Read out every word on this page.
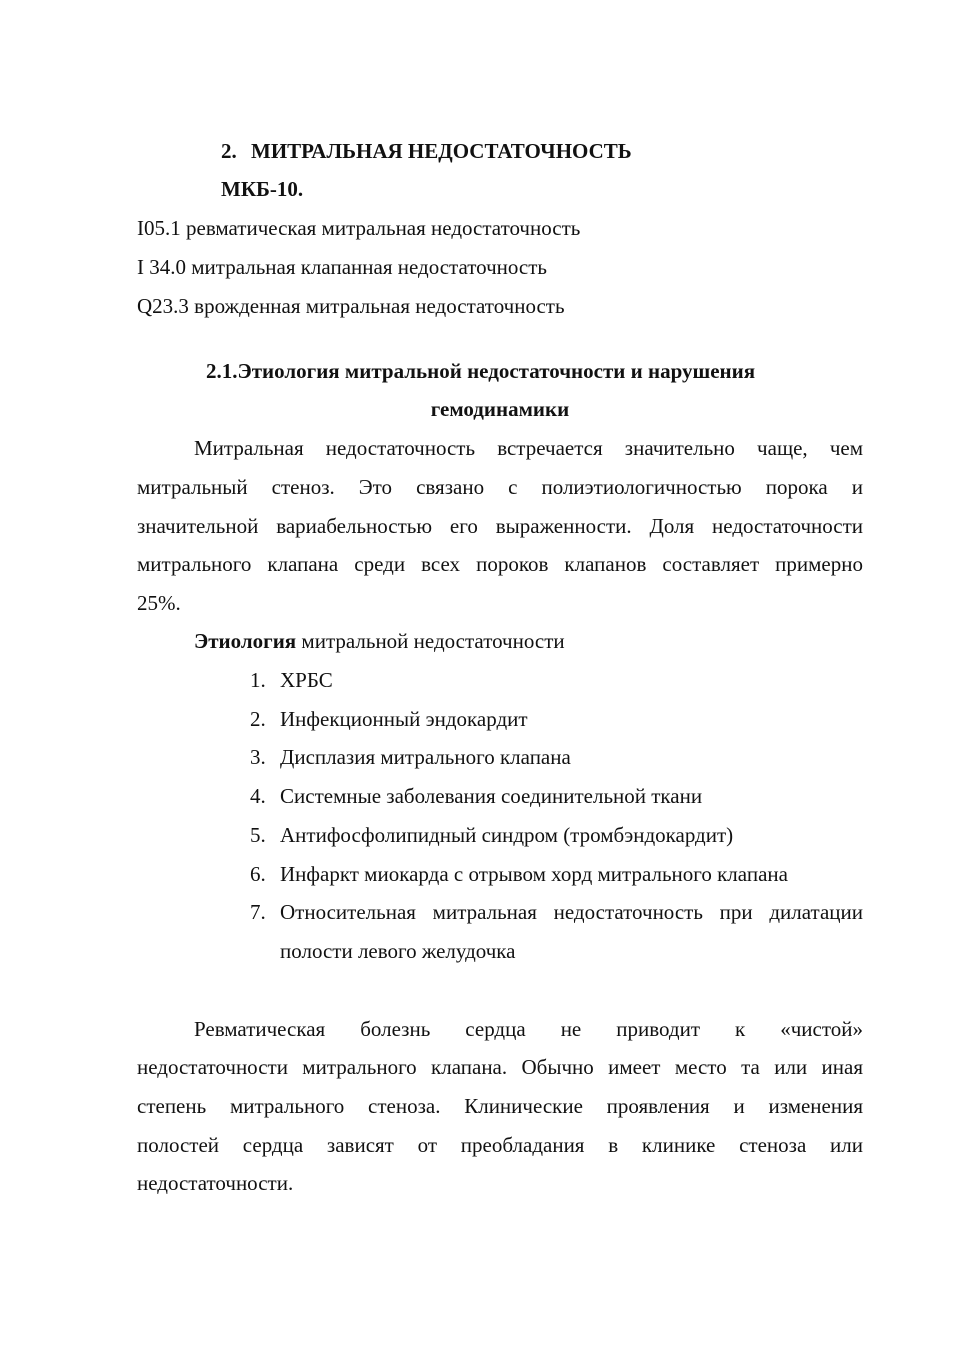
2. МИТРАЛЬНАЯ НЕДОСТАТОЧНОСТЬ
МКБ-10.
I05.1 ревматическая митральная недостаточность
I 34.0 митральная клапанная недостаточность
Q23.3 врожденная митральная недостаточность
2.1.Этиология митральной недостаточности и нарушения
гемодинамики
Митральная недостаточность встречается значительно чаще, чем
митральный стеноз. Это связано с полиэтиологичностью порока и
значительной вариабельностью его выраженности. Доля недостаточности
митрального клапана среди всех пороков клапанов составляет примерно
25%.
Этиология митральной недостаточности
1. ХРБС
2. Инфекционный эндокардит
3. Дисплазия митрального клапана
4. Системные заболевания соединительной ткани
5. Антифосфолипидный синдром (тромбэндокардит)
6. Инфаркт миокарда с отрывом хорд митрального клапана
7. Относительная митральная недостаточность при дилатации
полости левого желудочка
Ревматическая болезнь сердца не приводит к «чистой»
недостаточности митрального клапана. Обычно имеет место та или иная
степень митрального стеноза. Клинические проявления и изменения
полостей сердца зависят от преобладания в клинике стеноза или
недостаточности.
